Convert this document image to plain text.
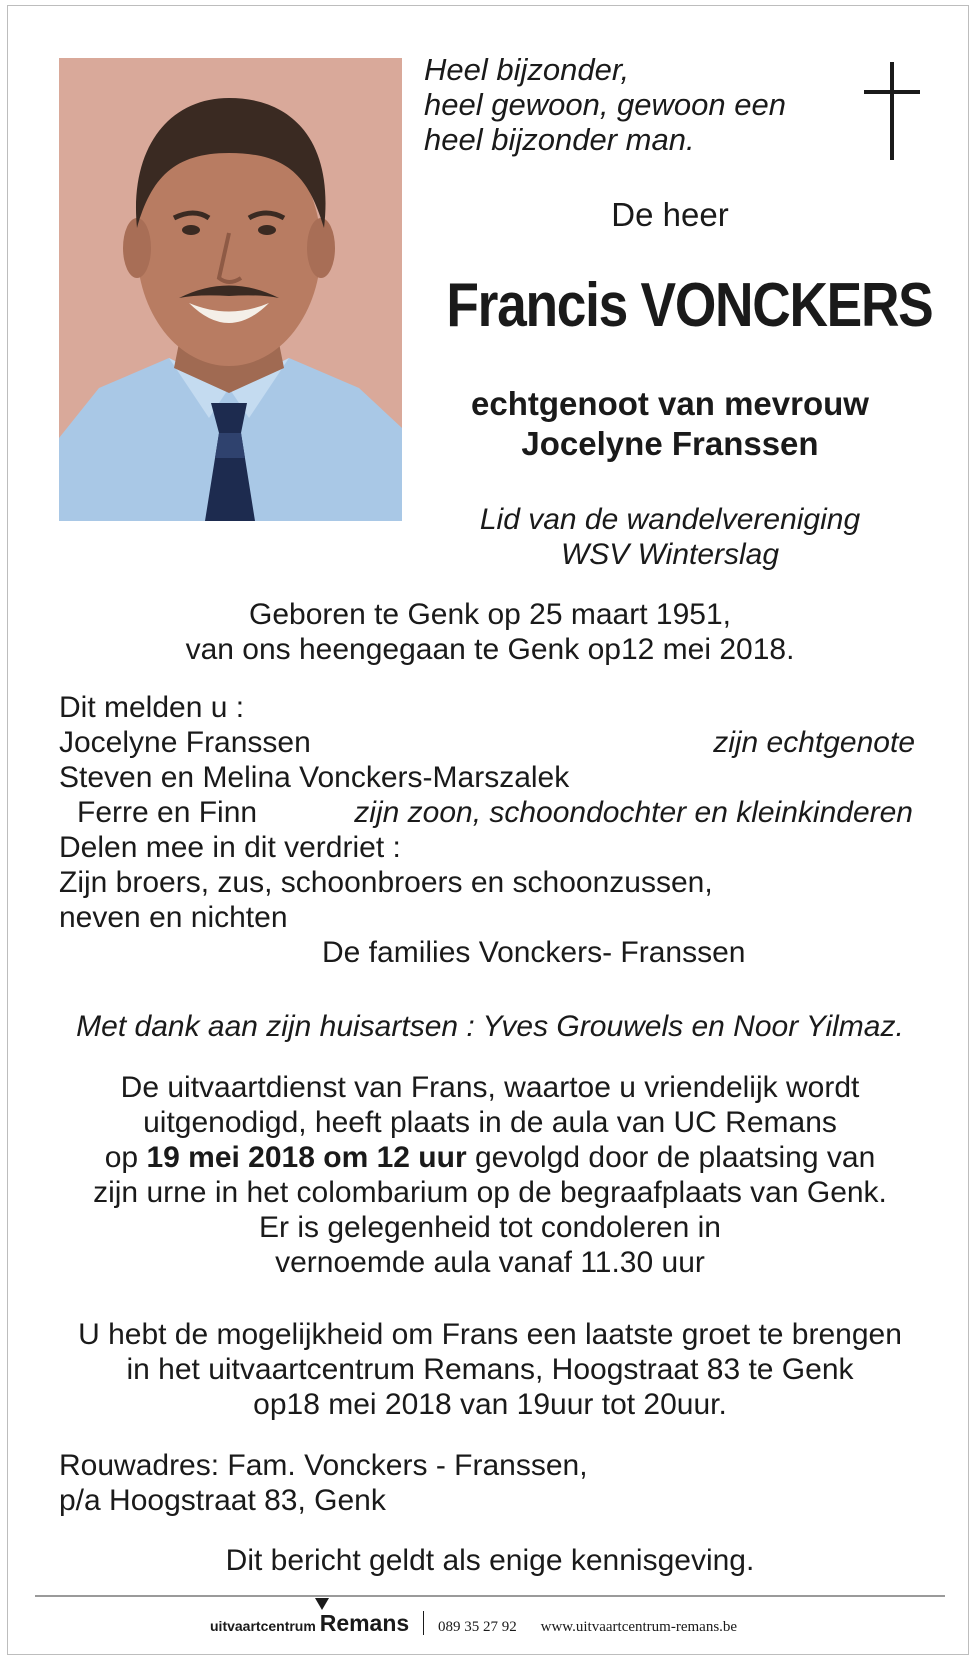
Heel bijzonder,
heel gewoon, gewoon een
heel bijzonder man.
De heer
Francis VONCKERS
echtgenoot van mevrouw
Jocelyne Franssen
Lid van de wandelvereniging
WSV Winterslag
Geboren te Genk op 25 maart 1951,
van ons heengegaan te Genk op12 mei 2018.
Dit melden u :
Jocelyne Franssen	zijn echtgenote
Steven en Melina Vonckers-Marszalek
Ferre en Finn	zijn zoon, schoondochter en kleinkinderen
Delen mee in dit verdriet :
Zijn broers, zus, schoonbroers en schoonzussen,
neven en nichten
De families Vonckers- Franssen
Met dank aan zijn huisartsen : Yves Grouwels en Noor Yilmaz.
De uitvaartdienst van Frans, waartoe u vriendelijk wordt
uitgenodigd, heeft plaats in de aula van UC Remans
op 19 mei 2018 om 12 uur gevolgd door de plaatsing van
zijn urne in het colombarium op de begraafplaats van Genk.
Er is gelegenheid tot condoleren in
vernoemde aula vanaf 11.30 uur
U hebt de mogelijkheid om Frans een laatste groet te brengen
in het uitvaartcentrum Remans, Hoogstraat 83 te Genk
op18 mei 2018 van 19uur tot 20uur.
Rouwadres: Fam. Vonckers - Franssen,
p/a Hoogstraat 83, Genk
Dit bericht geldt als enige kennisgeving.
uitvaartcentrum Remans 089 35 27 92 www.uitvaartcentrum-remans.be
